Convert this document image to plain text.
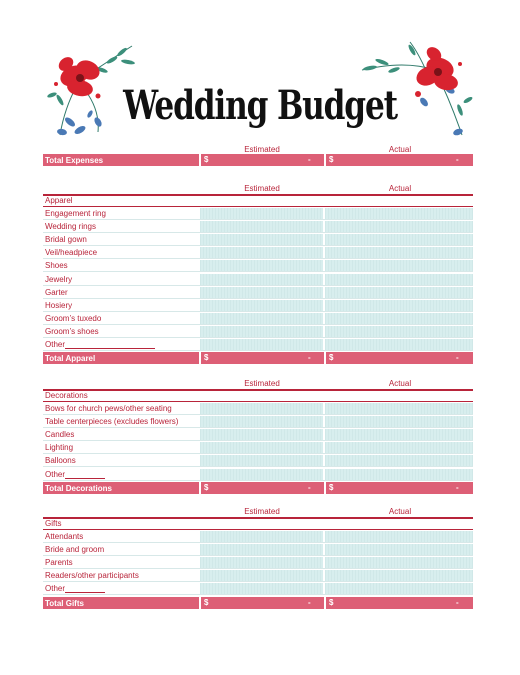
Wedding Budget
Estimated	Actual
Total Expenses	$	- $	-
Estimated	Actual
Apparel
Engagement ring
Wedding rings
Bridal gown
Veil/headpiece
Shoes
Jewelry
Garter
Hosiery
Groom’s tuxedo
Groom’s shoes
Other
Total Apparel	$	- $	-
Estimated	Actual
Decorations
Bows for church pews/other seating
Table centerpieces (excludes flowers)
Candles
Lighting
Balloons
Other
Total Decorations	$	- $	-
Estimated	Actual
Gifts
Attendants
Bride and groom
Parents
Readers/other participants
Other
Total Gifts	$	- $	-
